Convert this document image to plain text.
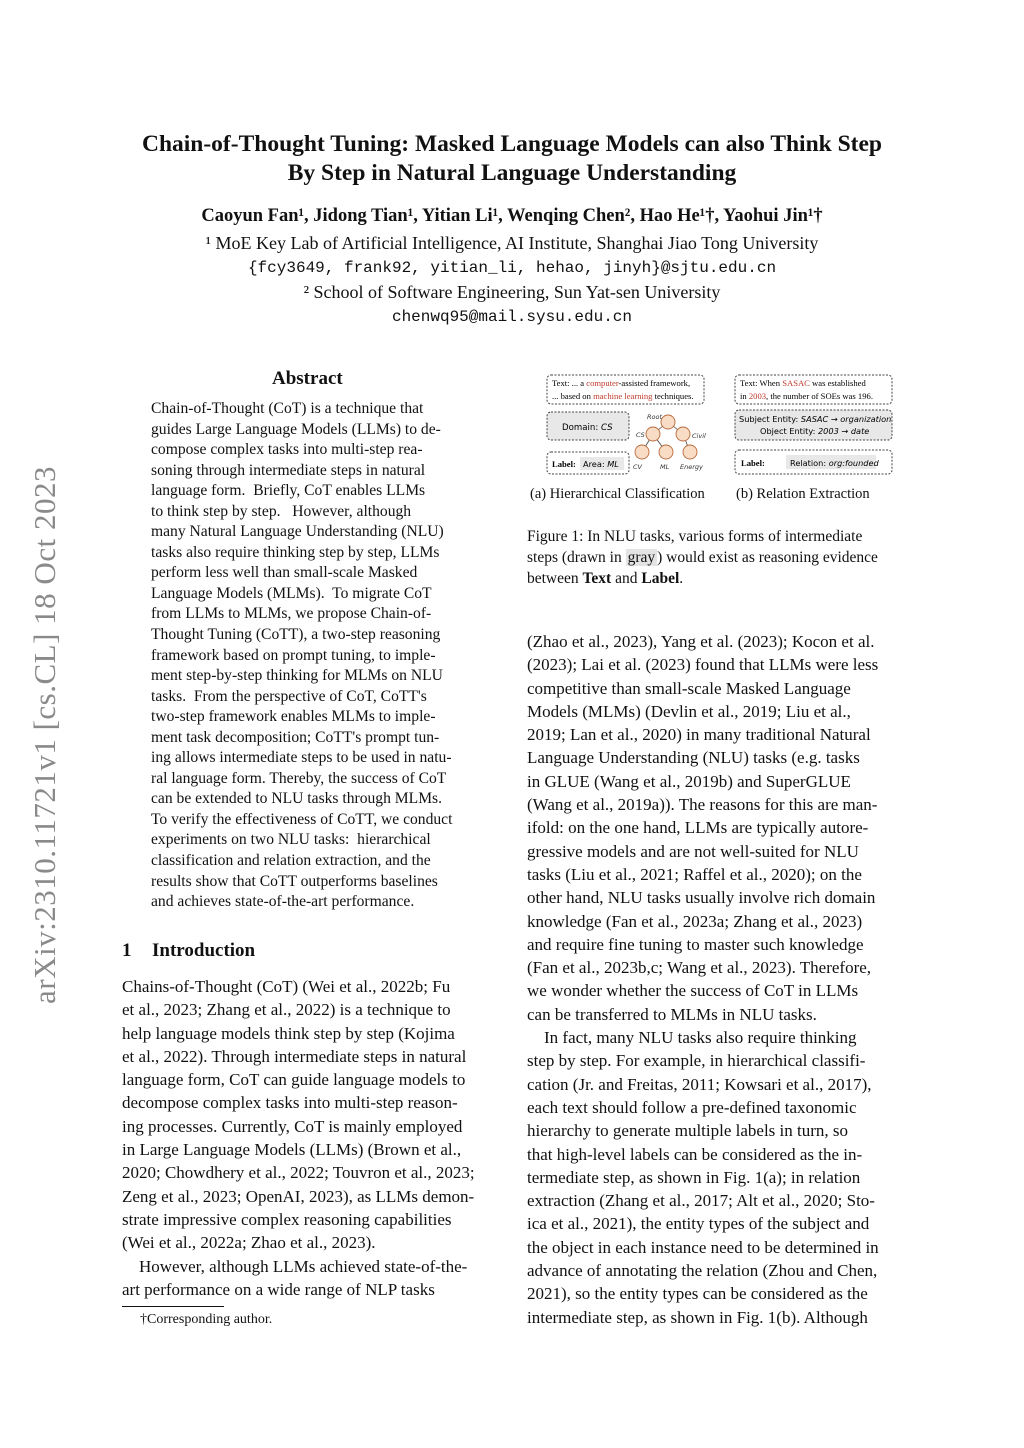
arXiv:2310.11721v1 [cs.CL] 18 Oct 2023
Chain-of-Thought Tuning: Masked Language Models can also Think Step
By Step in Natural Language Understanding
Caoyun Fan¹, Jidong Tian¹, Yitian Li¹, Wenqing Chen², Hao He¹†, Yaohui Jin¹†
¹ MoE Key Lab of Artificial Intelligence, AI Institute, Shanghai Jiao Tong University
{fcy3649, frank92, yitian_li, hehao, jinyh}@sjtu.edu.cn
² School of Software Engineering, Sun Yat-sen University
chenwq95@mail.sysu.edu.cn
Abstract
Chain-of-Thought (CoT) is a technique that
guides Large Language Models (LLMs) to de-
compose complex tasks into multi-step rea-
soning through intermediate steps in natural
language form.  Briefly, CoT enables LLMs
to think step by step.   However, although
many Natural Language Understanding (NLU)
tasks also require thinking step by step, LLMs
perform less well than small-scale Masked
Language Models (MLMs).  To migrate CoT
from LLMs to MLMs, we propose Chain-of-
Thought Tuning (CoTT), a two-step reasoning
framework based on prompt tuning, to imple-
ment step-by-step thinking for MLMs on NLU
tasks.  From the perspective of CoT, CoTT's
two-step framework enables MLMs to imple-
ment task decomposition; CoTT's prompt tun-
ing allows intermediate steps to be used in natu-
ral language form. Thereby, the success of CoT
can be extended to NLU tasks through MLMs.
To verify the effectiveness of CoTT, we conduct
experiments on two NLU tasks:  hierarchical
classification and relation extraction, and the
results show that CoTT outperforms baselines
and achieves state-of-the-art performance.
1 Introduction
Chains-of-Thought (CoT) (Wei et al., 2022b; Fu
et al., 2023; Zhang et al., 2022) is a technique to
help language models think step by step (Kojima
et al., 2022). Through intermediate steps in natural
language form, CoT can guide language models to
decompose complex tasks into multi-step reason-
ing processes. Currently, CoT is mainly employed
in Large Language Models (LLMs) (Brown et al.,
2020; Chowdhery et al., 2022; Touvron et al., 2023;
Zeng et al., 2023; OpenAI, 2023), as LLMs demon-
strate impressive complex reasoning capabilities
(Wei et al., 2022a; Zhao et al., 2023).
However, although LLMs achieved state-of-the-
art performance on a wide range of NLP tasks
†Corresponding author.
Text: ... a computer-assisted framework,
... based on machine learning techniques.
Domain: CS
Label: Area: ML
Root
CS	Civil
CV	ML Energy
Text: When SASAC was established
in 2003, the number of SOEs was 196.
Subject Entity: SASAC → organization
Object Entity: 2003 → date
Label:	Relation: org:founded
(a) Hierarchical Classification (b) Relation Extraction
Figure 1: In NLU tasks, various forms of intermediate
steps (drawn in gray ) would exist as reasoning evidence
between Text and Label.
(Zhao et al., 2023), Yang et al. (2023); Kocon et al.
(2023); Lai et al. (2023) found that LLMs were less
competitive than small-scale Masked Language
Models (MLMs) (Devlin et al., 2019; Liu et al.,
2019; Lan et al., 2020) in many traditional Natural
Language Understanding (NLU) tasks (e.g. tasks
in GLUE (Wang et al., 2019b) and SuperGLUE
(Wang et al., 2019a)). The reasons for this are man-
ifold: on the one hand, LLMs are typically autore-
gressive models and are not well-suited for NLU
tasks (Liu et al., 2021; Raffel et al., 2020); on the
other hand, NLU tasks usually involve rich domain
knowledge (Fan et al., 2023a; Zhang et al., 2023)
and require fine tuning to master such knowledge
(Fan et al., 2023b,c; Wang et al., 2023). Therefore,
we wonder whether the success of CoT in LLMs
can be transferred to MLMs in NLU tasks.
In fact, many NLU tasks also require thinking
step by step. For example, in hierarchical classifi-
cation (Jr. and Freitas, 2011; Kowsari et al., 2017),
each text should follow a pre-defined taxonomic
hierarchy to generate multiple labels in turn, so
that high-level labels can be considered as the in-
termediate step, as shown in Fig. 1(a); in relation
extraction (Zhang et al., 2017; Alt et al., 2020; Sto-
ica et al., 2021), the entity types of the subject and
the object in each instance need to be determined in
advance of annotating the relation (Zhou and Chen,
2021), so the entity types can be considered as the
intermediate step, as shown in Fig. 1(b). Although
